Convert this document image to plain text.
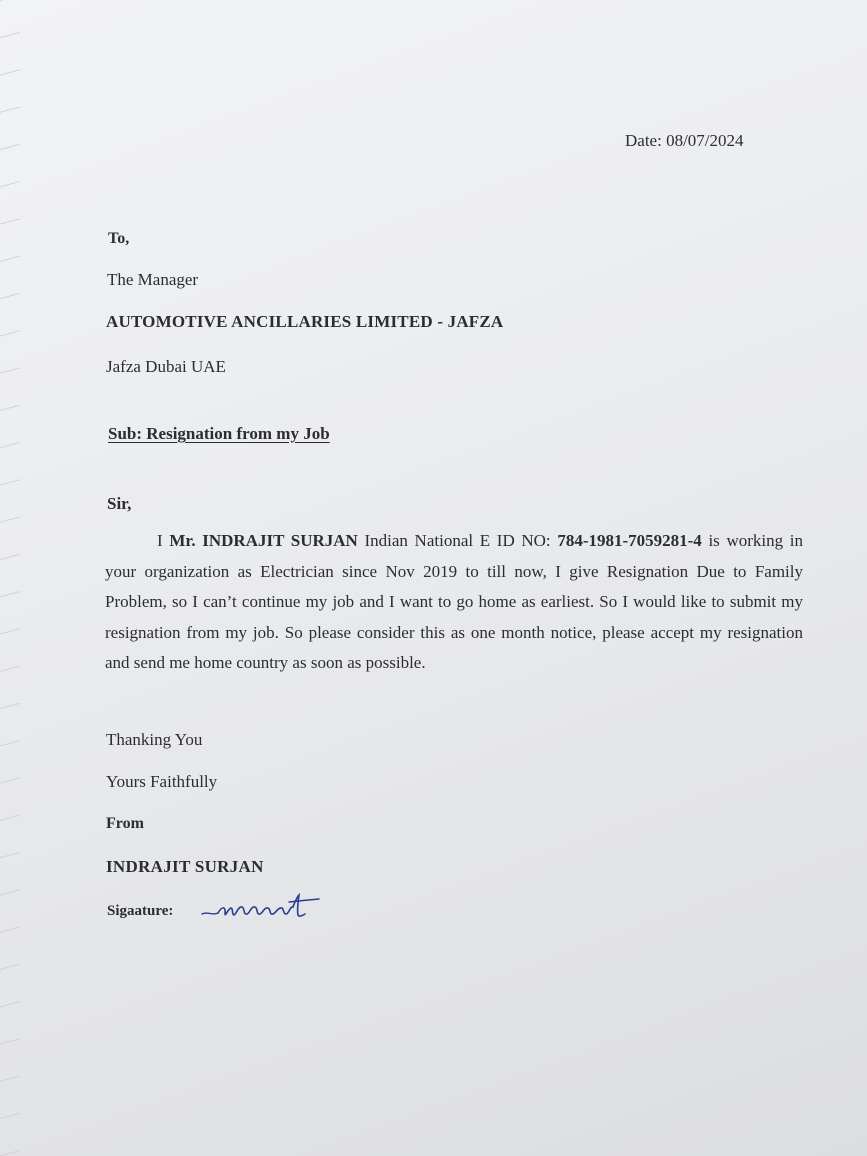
Date: 08/07/2024
To,
The Manager
AUTOMOTIVE ANCILLARIES LIMITED - JAFZA
Jafza Dubai UAE
Sub: Resignation from my Job
Sir,
I Mr. INDRAJIT SURJAN Indian National E ID NO: 784-1981-7059281-4 is working in your organization as Electrician since Nov 2019 to till now, I give Resignation Due to Family Problem, so I can’t continue my job and I want to go home as earliest. So I would like to submit my resignation from my job. So please consider this as one month notice, please accept my resignation and send me home country as soon as possible.
Thanking You
Yours Faithfully
From
INDRAJIT SURJAN
Sigaature:
